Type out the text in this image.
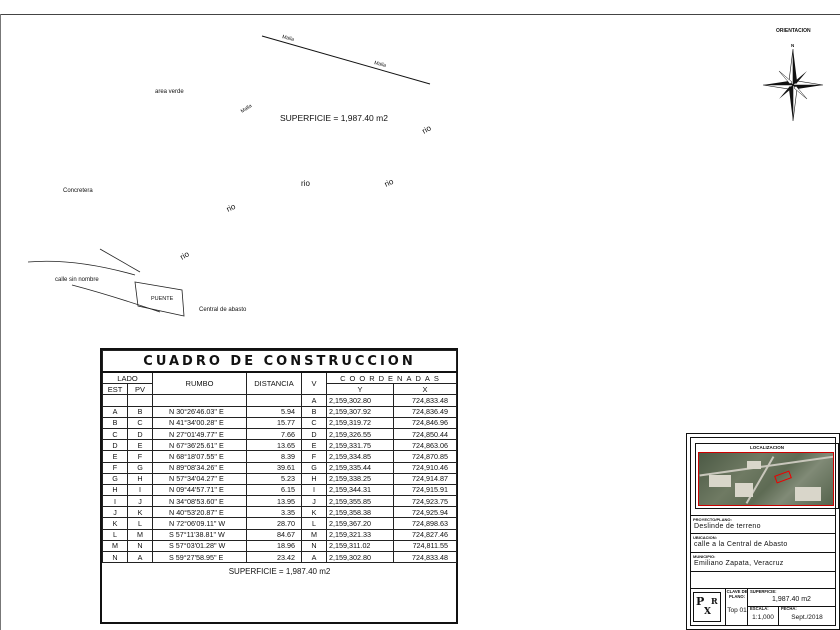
SUPERFICIE = 1,987.40 m2
area verde
Malla
Malla
Malla
Concretera
calle sin nombre
PUENTE
Central de abasto
rio
rio
rio	rio
rio
ORIENTACION
N
CUADRO DE CONSTRUCCION						
LADO		RUMBO	DISTANCIA	V	COORDENADAS	
EST	PV				Y	X
				A	2,159,302.80	724,833.48
A	B	N 30°26'46.03" E	5.94	B	2,159,307.92	724,836.49
B	C	N 41°34'00.28" E	15.77	C	2,159,319.72	724,846.96
C	D	N 27°01'49.77" E	7.66	D	2,159,326.55	724,850.44
D	E	N 67°36'25.61" E	13.65	E	2,159,331.75	724,863.06
E	F	N 68°18'07.55" E	8.39	F	2,159,334.85	724,870.85
F	G	N 89°08'34.26" E	39.61	G	2,159,335.44	724,910.46
G	H	N 57°34'04.27" E	5.23	H	2,159,338.25	724,914.87
H	I	N 09°44'57.71" E	6.15	I	2,159,344.31	724,915.91
I	J	N 34°08'53.60" E	13.95	J	2,159,355.85	724,923.75
J	K	N 40°53'20.87" E	3.35	K	2,159,358.38	724,925.94
K	L	N 72°06'09.11" W	28.70	L	2,159,367.20	724,898.63
L	M	S 57°11'38.81" W	84.67	M	2,159,321.33	724,827.46
M	N	S 57°03'01.28" W	18.96	N	2,159,311.02	724,811.55
N	A	S 59°27'58.95" E	23.42	A	2,159,302.80	724,833.48
SUPERFICIE = 1,987.40 m2						
LOCALIZACION
PROYECTO/PLANO:
Deslinde de terreno
UBICACION:
calle a la Central de Abasto
MUNICIPIO:
Emiliano Zapata, Veracruz
P
X
R
CLAVE DE PLANO:
Top 01
SUPERFICIE:
1,987.40 m2
ESCALA:
1:1,000
FECHA:
Sept./2018
